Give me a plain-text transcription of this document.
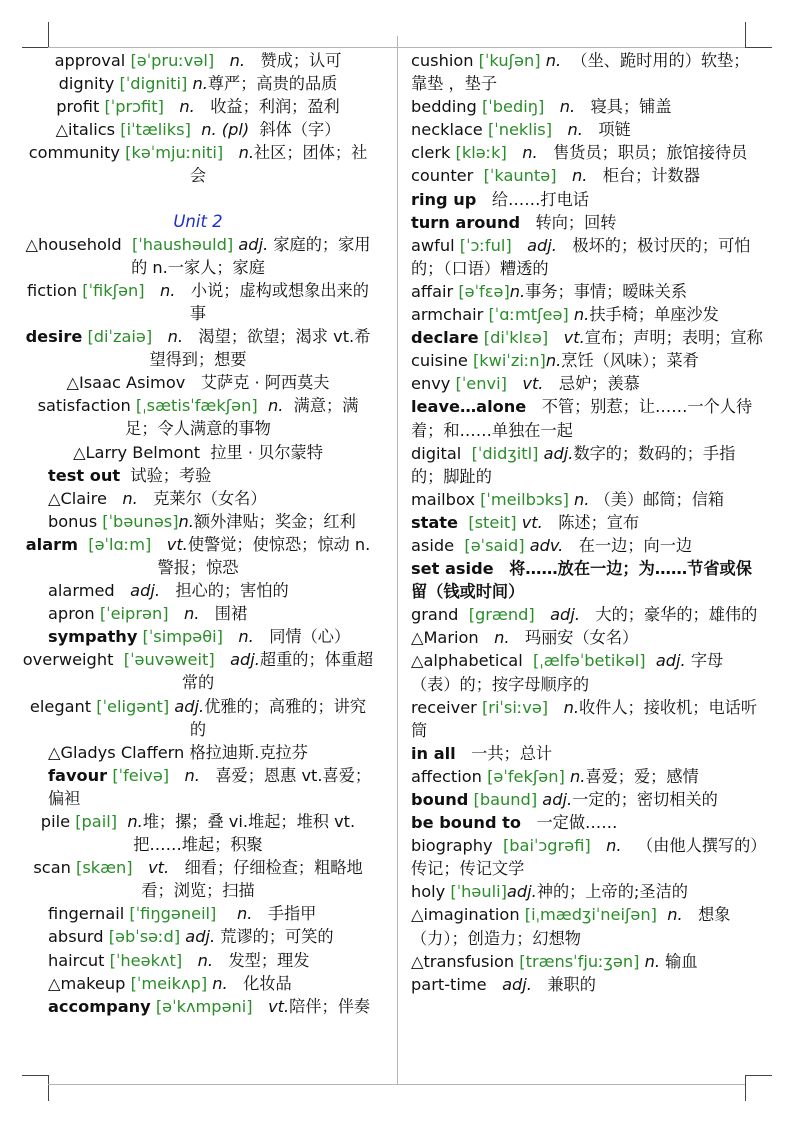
approval [əˈpruːvəl] n. 赞成；认可

dignity [ˈdigniti] n.尊严；高贵的品质

profit [ˈprɔfit] n. 收益；利润；盈利

△italics [iˈtæliks] n. (pl) 斜体（字）

community [kəˈmjuːniti] n.社区；团体；社会

Unit 2

△household [ˈhaushəuld] adj. 家庭的；家用的 n.一家人；家庭

fiction [ˈfikʃən] n. 小说；虚构或想象出来的事

desire [diˈzaiə] n. 渴望；欲望；渴求 vt.希望得到；想要

△Isaac Asimov 艾萨克 · 阿西莫夫

satisfaction [ˌsætisˈfækʃən] n. 满意；满足；令人满意的事物

△Larry Belmont 拉里 · 贝尔蒙特

test out 试验；考验

△Claire n. 克莱尔（女名）

bonus [ˈbəunəs]n.额外津贴；奖金；红利

alarm [əˈlɑːm] vt.使警觉；使惊恐；惊动 n.警报；惊恐

alarmed adj. 担心的；害怕的

apron [ˈeiprən] n. 围裙

sympathy [ˈsimpəθi] n. 同情（心）

overweight [ˈəuvəweit] adj.超重的；体重超常的

elegant [ˈeligənt] adj.优雅的；高雅的；讲究的

△Gladys Claffern 格拉迪斯.克拉芬

favour [ˈfeivə] n. 喜爱；恩惠 vt.喜爱；偏袒

pile [pail] n.堆；摞；叠 vi.堆起；堆积 vt.把……堆起；积聚

scan [skæn] vt. 细看；仔细检查；粗略地看；浏览；扫描

fingernail [ˈfiŋgəneil] n. 手指甲

absurd [əbˈsəːd] adj. 荒谬的；可笑的

haircut [ˈheəkʌt] n. 发型；理发

△makeup [ˈmeikʌp] n. 化妆品

accompany [əˈkʌmpəni] vt.陪伴；伴奏

cushion [ˈkuʃən] n. （坐、跪时用的）软垫；靠垫 ，垫子

bedding [ˈbediŋ] n. 寝具；铺盖

necklace [ˈneklis] n. 项链

clerk [kləːk] n. 售货员；职员；旅馆接待员

counter [ˈkauntə] n. 柜台；计数器

ring up 给……打电话

turn around 转向；回转

awful [ˈɔːful] adj. 极坏的；极讨厌的；可怕的；（口语）糟透的

affair [əˈfɛə]n.事务；事情；暧昧关系

armchair [ˈɑːmtʃeə] n.扶手椅；单座沙发

declare [diˈklɛə] vt.宣布；声明；表明；宣称

cuisine [kwiˈziːn]n.烹饪（风味）；菜肴

envy [ˈenvi] vt. 忌妒；羡慕

leave…alone 不管；别惹；让……一个人待着；和……单独在一起

digital [ˈdidʒitl] adj.数字的；数码的；手指的；脚趾的

mailbox [ˈmeilbɔks] n. （美）邮筒；信箱

state [steit] vt. 陈述；宣布

aside [əˈsaid] adv. 在一边；向一边

set aside 将……放在一边；为……节省或保留（钱或时间）

grand [grænd] adj. 大的；豪华的；雄伟的

△Marion n. 玛丽安（女名）

△alphabetical [ˌælfəˈbetikəl] adj. 字母（表）的；按字母顺序的

receiver [riˈsiːvə] n.收件人；接收机；电话听筒

in all 一共；总计

affection [əˈfekʃən] n.喜爱；爱；感情

bound [baund] adj.一定的；密切相关的

be bound to 一定做……

biography [baiˈɔgrəfi] n. （由他人撰写的）传记；传记文学

holy [ˈhəuli]adj.神的；上帝的;圣洁的

△imagination [iˌmædʒiˈneiʃən] n. 想象（力）；创造力；幻想物

△transfusion [trænsˈfjuːʒən] n. 输血

part-time adj. 兼职的
